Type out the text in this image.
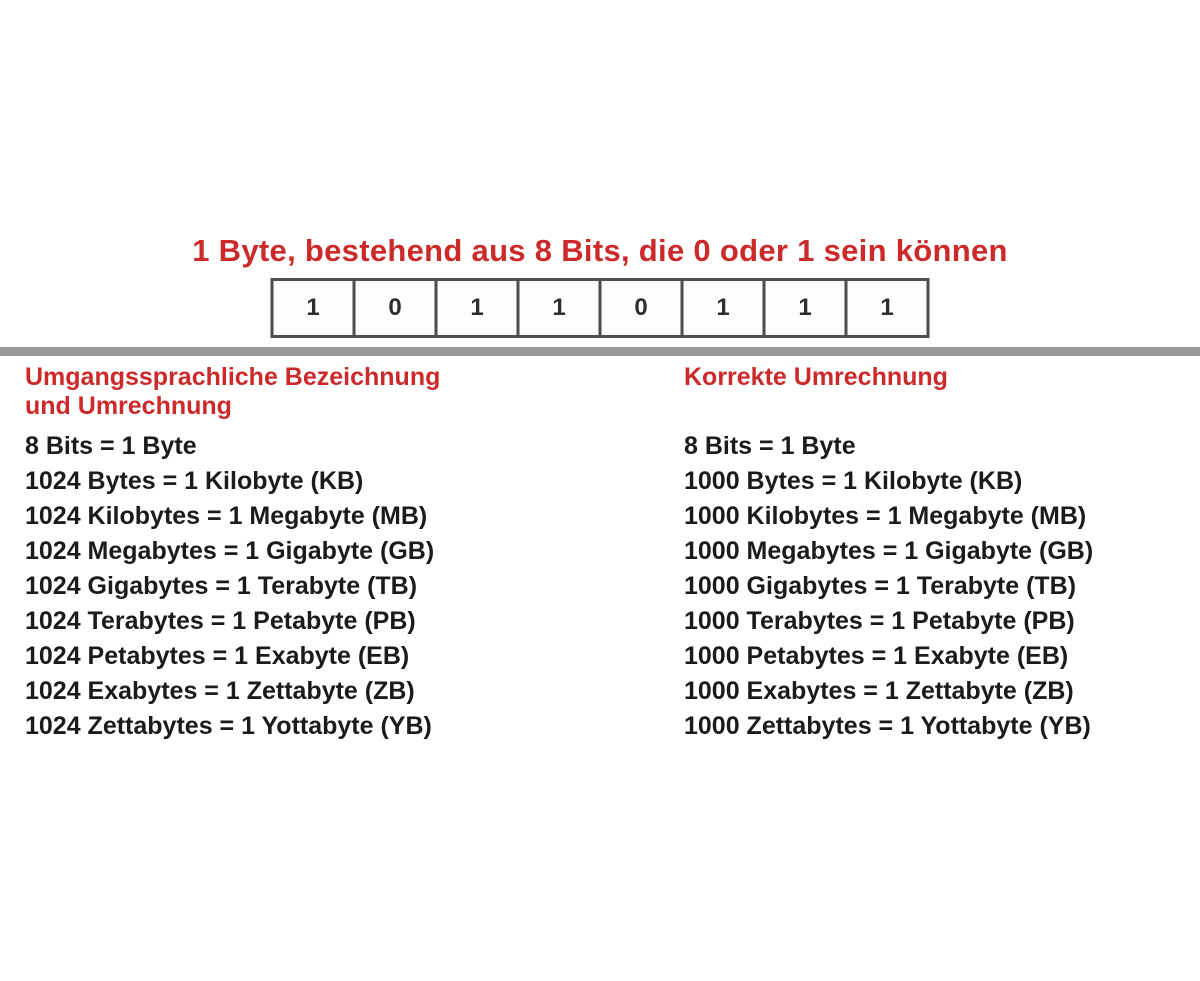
1 Byte, bestehend aus 8 Bits, die 0 oder 1 sein können
1	0	1	1	0	1	1	1
Umgangssprachliche Bezeichnung
und Umrechnung
8 Bits = 1 Byte
1024 Bytes = 1 Kilobyte (KB)
1024 Kilobytes = 1 Megabyte (MB)
1024 Megabytes = 1 Gigabyte (GB)
1024 Gigabytes = 1 Terabyte (TB)
1024 Terabytes = 1 Petabyte (PB)
1024 Petabytes = 1 Exabyte (EB)
1024 Exabytes = 1 Zettabyte (ZB)
1024 Zettabytes = 1 Yottabyte (YB)
Korrekte Umrechnung
8 Bits = 1 Byte
1000 Bytes = 1 Kilobyte (KB)
1000 Kilobytes = 1 Megabyte (MB)
1000 Megabytes = 1 Gigabyte (GB)
1000 Gigabytes = 1 Terabyte (TB)
1000 Terabytes = 1 Petabyte (PB)
1000 Petabytes = 1 Exabyte (EB)
1000 Exabytes = 1 Zettabyte (ZB)
1000 Zettabytes = 1 Yottabyte (YB)
